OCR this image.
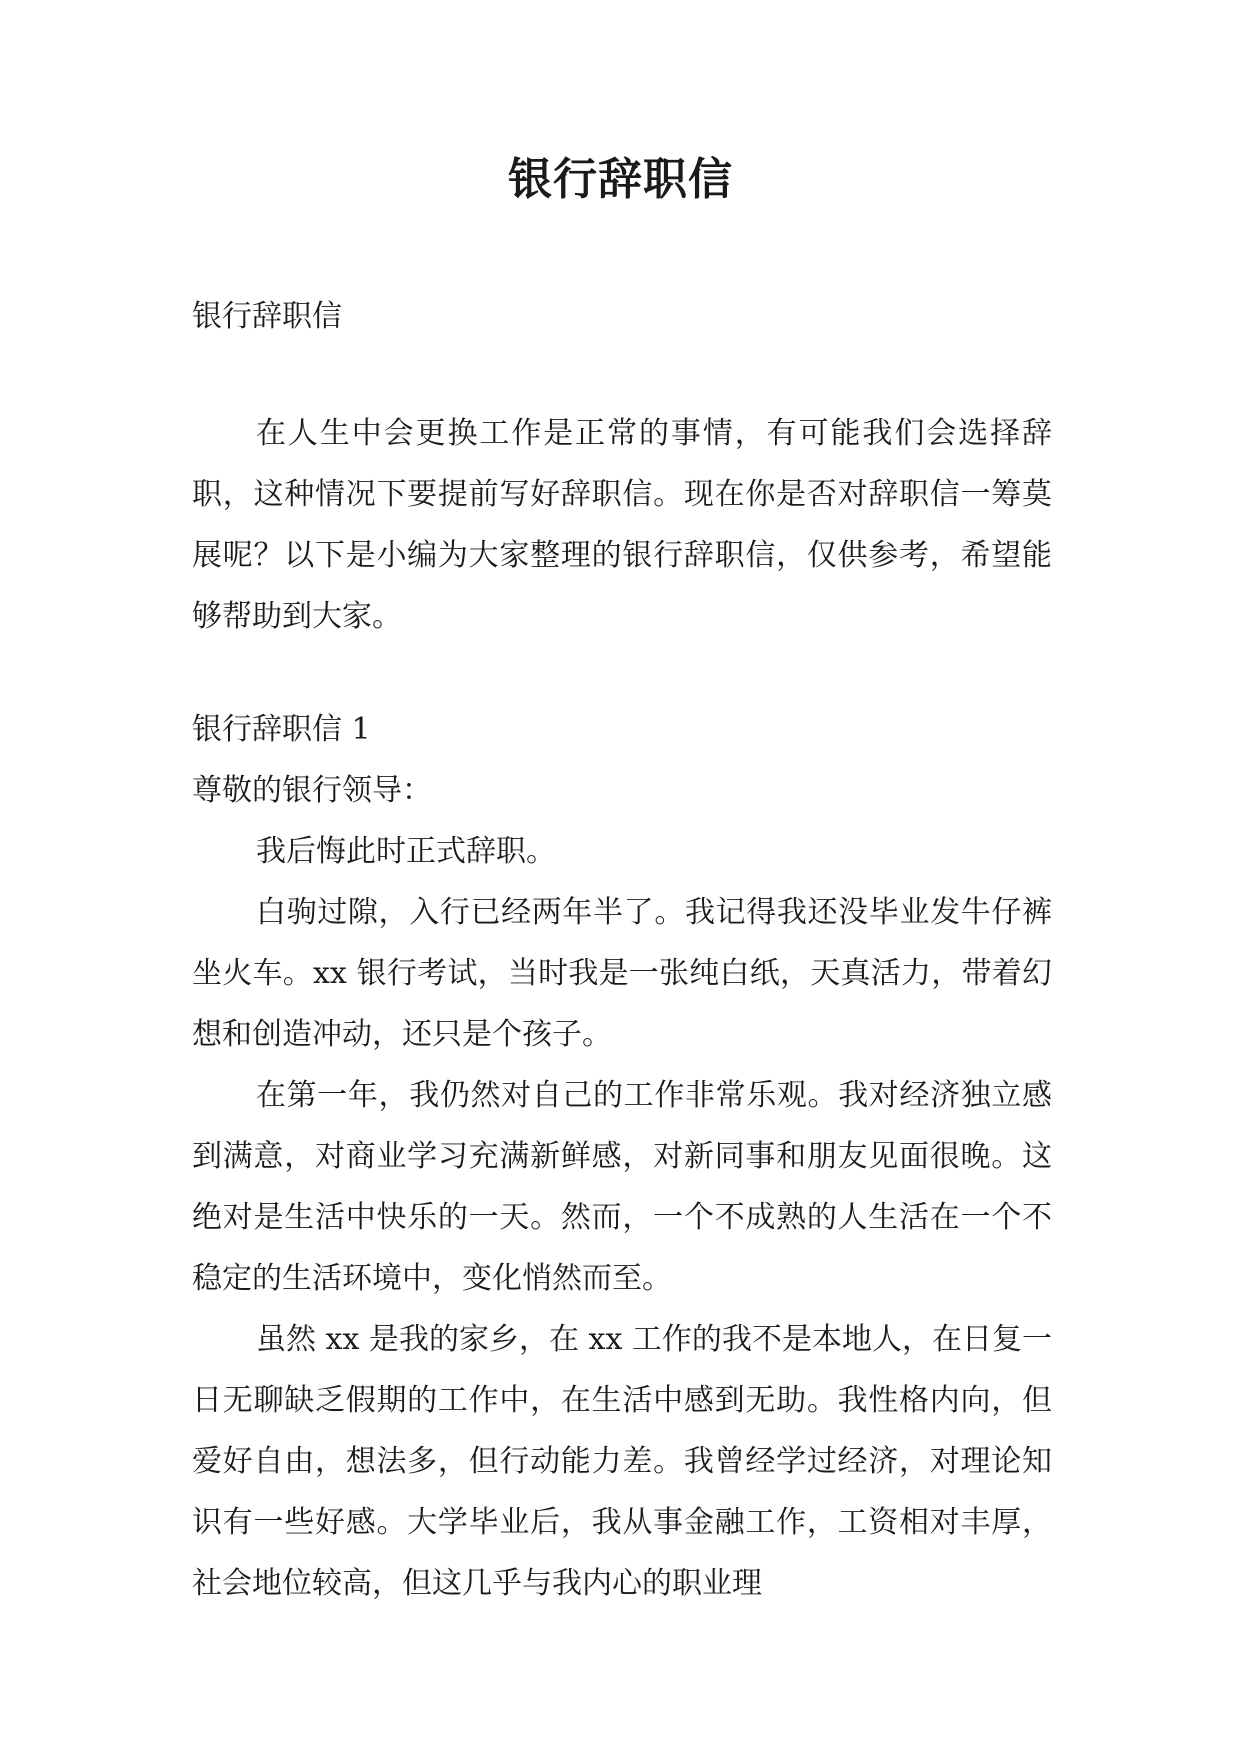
银行辞职信

银行辞职信

在人生中会更换工作是正常的事情，有可能我们会选择辞职，这种情况下要提前写好辞职信。现在你是否对辞职信一筹莫展呢？以下是小编为大家整理的银行辞职信，仅供参考，希望能够帮助到大家。

银行辞职信 1

尊敬的银行领导：

我后悔此时正式辞职。

白驹过隙，入行已经两年半了。我记得我还没毕业发牛仔裤坐火车。xx 银行考试，当时我是一张纯白纸，天真活力，带着幻想和创造冲动，还只是个孩子。

在第一年，我仍然对自己的工作非常乐观。我对经济独立感到满意，对商业学习充满新鲜感，对新同事和朋友见面很晚。这绝对是生活中快乐的一天。然而，一个不成熟的人生活在一个不稳定的生活环境中，变化悄然而至。

虽然 xx 是我的家乡，在 xx 工作的我不是本地人，在日复一日无聊缺乏假期的工作中，在生活中感到无助。我性格内向，但爱好自由，想法多，但行动能力差。我曾经学过经济，对理论知识有一些好感。大学毕业后，我从事金融工作，工资相对丰厚，社会地位较高，但这几乎与我内心的职业理
